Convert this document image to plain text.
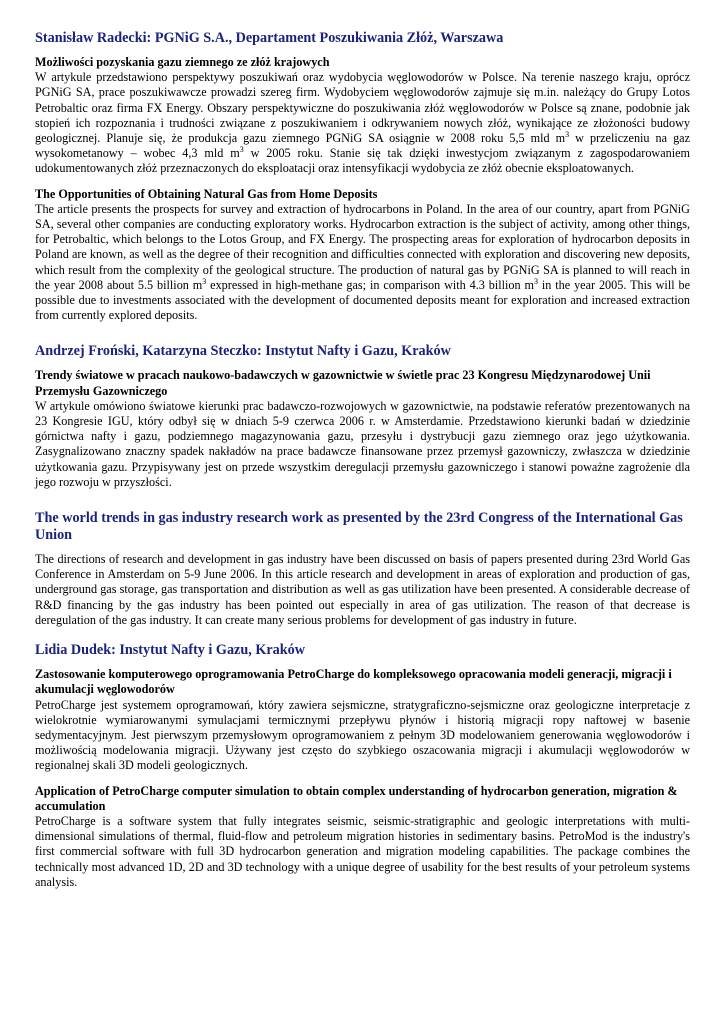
Stanisław Radecki: PGNiG S.A., Departament Poszukiwania Złóż, Warszawa

Możliwości pozyskania gazu ziemnego ze złóż krajowych

W artykule przedstawiono perspektywy poszukiwań oraz wydobycia węglowodorów w Polsce. Na terenie naszego kraju, oprócz PGNiG SA, prace poszukiwawcze prowadzi szereg firm. Wydobyciem węglowodorów zajmuje się m.in. należący do Grupy Lotos Petrobaltic oraz firma FX Energy. Obszary perspektywiczne do poszukiwania złóż węglowodorów w Polsce są znane, podobnie jak stopień ich rozpoznania i trudności związane z poszukiwaniem i odkrywaniem nowych złóż, wynikające ze złożoności budowy geologicznej. Planuje się, że produkcja gazu ziemnego PGNiG SA osiągnie w 2008 roku 5,5 mld $m^3$ w przeliczeniu na gaz wysokometanowy – wobec 4,3 mld $m^3$ w 2005 roku. Stanie się tak dzięki inwestycjom związanym z zagospodarowaniem udokumentowanych złóż przeznaczonych do eksploatacji oraz intensyfikacji wydobycia ze złóż obecnie eksploatowanych.

The Opportunities of Obtaining Natural Gas from Home Deposits

The article presents the prospects for survey and extraction of hydrocarbons in Poland. In the area of our country, apart from PGNiG SA, several other companies are conducting exploratory works. Hydrocarbon extraction is the subject of activity, among other things, for Petrobaltic, which belongs to the Lotos Group, and FX Energy. The prospecting areas for exploration of hydrocarbon deposits in Poland are known, as well as the degree of their recognition and difficulties connected with exploration and discovering new deposits, which result from the complexity of the geological structure. The production of natural gas by PGNiG SA is planned to will reach in the year 2008 about 5.5 billion $m^3$ expressed in high-methane gas; in comparison with 4.3 billion $m^3$ in the year 2005. This will be possible due to investments associated with the development of documented deposits meant for exploration and increased extraction from currently explored deposits.

Andrzej Froński, Katarzyna Steczko: Instytut Nafty i Gazu, Kraków

Trendy światowe w pracach naukowo-badawczych w gazownictwie w świetle prac 23 Kongresu Międzynarodowej Unii Przemysłu Gazowniczego

W artykule omówiono światowe kierunki prac badawczo-rozwojowych w gazownictwie, na podstawie referatów prezentowanych na 23 Kongresie IGU, który odbył się w dniach 5-9 czerwca 2006 r. w Amsterdamie. Przedstawiono kierunki badań w dziedzinie górnictwa nafty i gazu, podziemnego magazynowania gazu, przesyłu i dystrybucji gazu ziemnego oraz jego użytkowania. Zasygnalizowano znaczny spadek nakładów na prace badawcze finansowane przez przemysł gazowniczy, zwłaszcza w dziedzinie użytkowania gazu. Przypisywany jest on przede wszystkim deregulacji przemysłu gazowniczego i stanowi poważne zagrożenie dla jego rozwoju w przyszłości.

The world trends in gas industry research work as presented by the 23rd Congress of the International Gas Union

The directions of research and development in gas industry have been discussed on basis of papers presented during 23rd World Gas Conference in Amsterdam on 5-9 June 2006. In this article research and development in areas of exploration and production of gas, underground gas storage, gas transportation and distribution as well as gas utilization have been presented. A considerable decrease of R&D financing by the gas industry has been pointed out especially in area of gas utilization. The reason of that decrease is deregulation of the gas industry. It can create many serious problems for development of gas industry in future.

Lidia Dudek: Instytut Nafty i Gazu, Kraków

Zastosowanie komputerowego oprogramowania PetroCharge do kompleksowego opracowania modeli generacji, migracji i akumulacji węglowodorów

PetroCharge jest systemem oprogramowań, który zawiera sejsmiczne, stratygraficzno-sejsmiczne oraz geologiczne interpretacje z wielokrotnie wymiarowanymi symulacjami termicznymi przepływu płynów i historią migracji ropy naftowej w basenie sedymentacyjnym. Jest pierwszym przemysłowym oprogramowaniem z pełnym 3D modelowaniem generowania węglowodorów i możliwością modelowania migracji. Używany jest często do szybkiego oszacowania migracji i akumulacji węglowodorów w regionalnej skali 3D modeli geologicznych.

Application of PetroCharge computer simulation to obtain complex understanding of hydrocarbon generation, migration & accumulation

PetroCharge is a software system that fully integrates seismic, seismic-stratigraphic and geologic interpretations with multi-dimensional simulations of thermal, fluid-flow and petroleum migration histories in sedimentary basins. PetroMod is the industry's first commercial software with full 3D hydrocarbon generation and migration modeling capabilities. The package combines the technically most advanced 1D, 2D and 3D technology with a unique degree of usability for the best results of your petroleum systems analysis.
